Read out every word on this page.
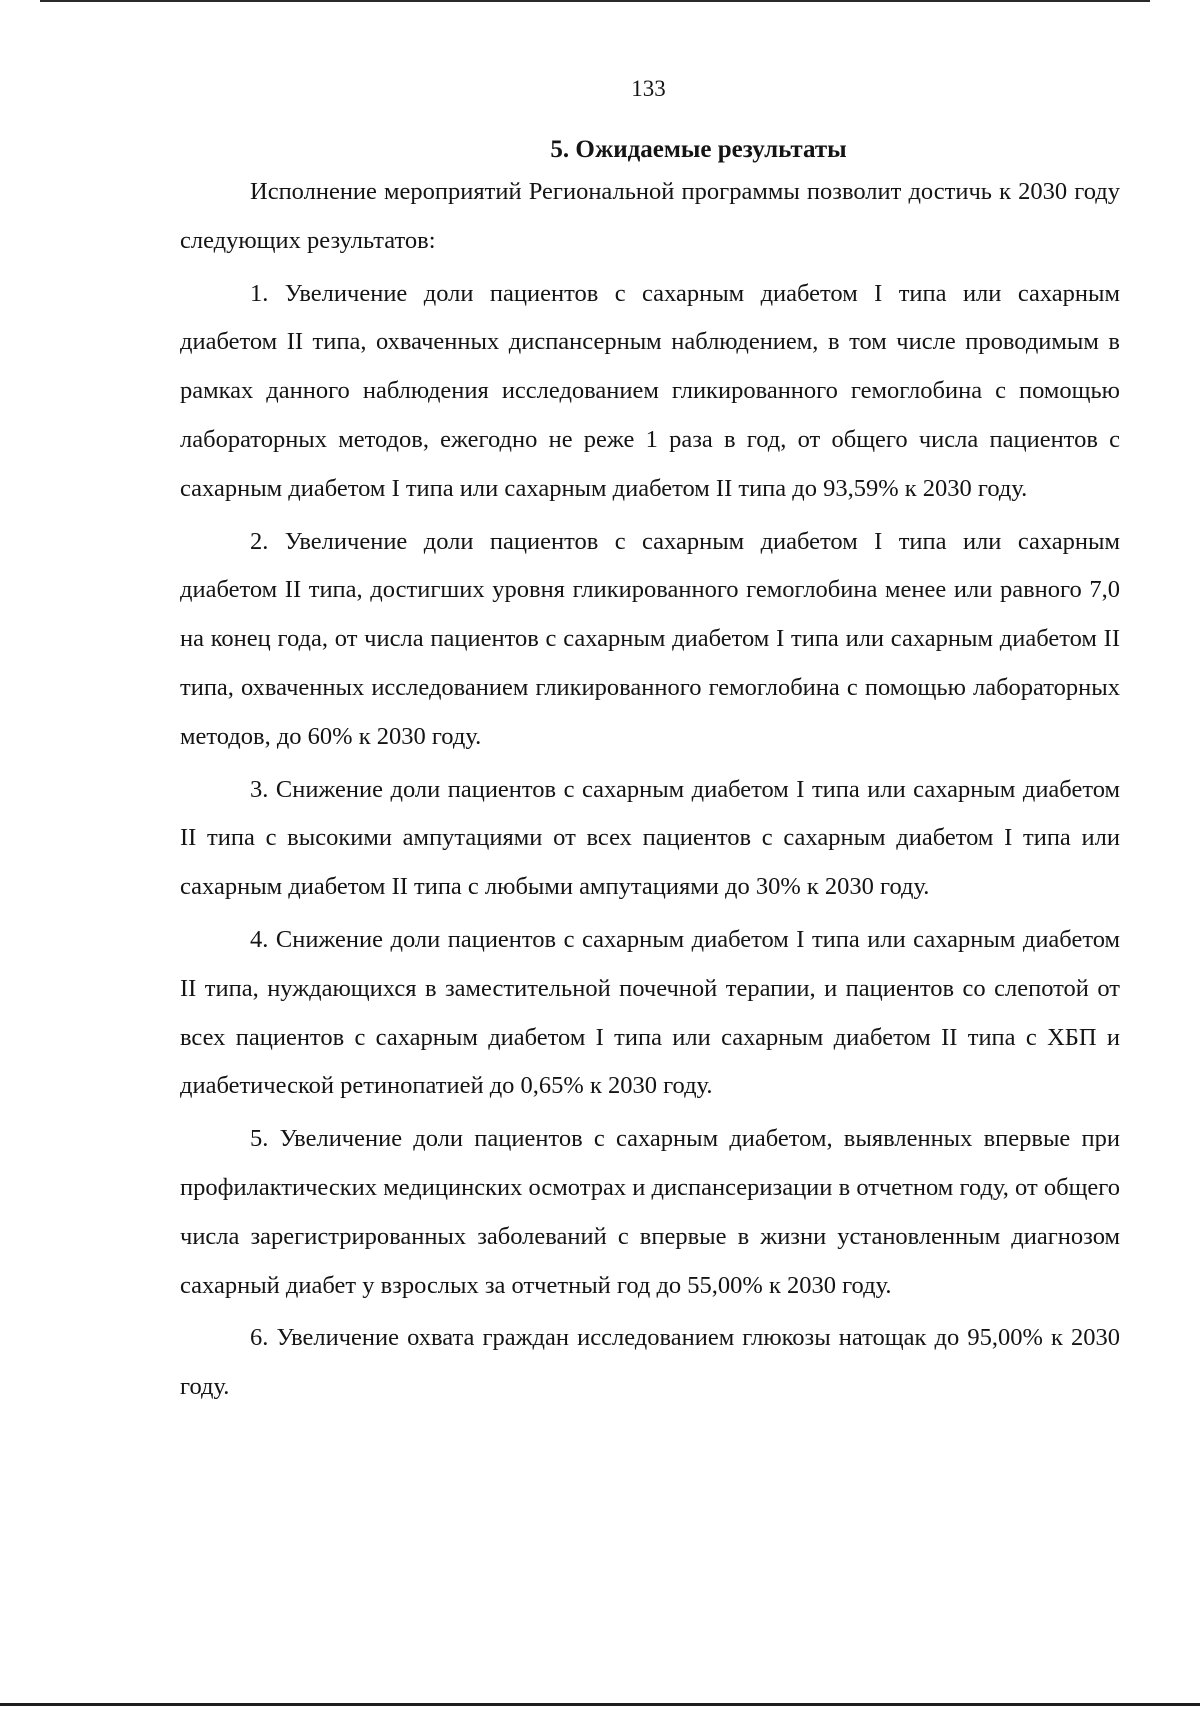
133
5. Ожидаемые результаты

Исполнение мероприятий Региональной программы позволит достичь к 2030 году следующих результатов:

1. Увеличение доли пациентов с сахарным диабетом I типа или сахарным диабетом II типа, охваченных диспансерным наблюдением, в том числе проводимым в рамках данного наблюдения исследованием гликированного гемоглобина с помощью лабораторных методов, ежегодно не реже 1 раза в год, от общего числа пациентов с сахарным диабетом I типа или сахарным диабетом II типа до 93,59% к 2030 году.

2. Увеличение доли пациентов с сахарным диабетом I типа или сахарным диабетом II типа, достигших уровня гликированного гемоглобина менее или равного 7,0 на конец года, от числа пациентов с сахарным диабетом I типа или сахарным диабетом II типа, охваченных исследованием гликированного гемоглобина с помощью лабораторных методов, до 60% к 2030 году.

3. Снижение доли пациентов с сахарным диабетом I типа или сахарным диабетом II типа с высокими ампутациями от всех пациентов с сахарным диабетом I типа или сахарным диабетом II типа с любыми ампутациями до 30% к 2030 году.

4. Снижение доли пациентов с сахарным диабетом I типа или сахарным диабетом II типа, нуждающихся в заместительной почечной терапии, и пациентов со слепотой от всех пациентов с сахарным диабетом I типа или сахарным диабетом II типа с ХБП и диабетической ретинопатией до 0,65% к 2030 году.

5. Увеличение доли пациентов с сахарным диабетом, выявленных впервые при профилактических медицинских осмотрах и диспансеризации в отчетном году, от общего числа зарегистрированных заболеваний с впервые в жизни установленным диагнозом сахарный диабет у взрослых за отчетный год до 55,00% к 2030 году.

6. Увеличение охвата граждан исследованием глюкозы натощак до 95,00% к 2030 году.
